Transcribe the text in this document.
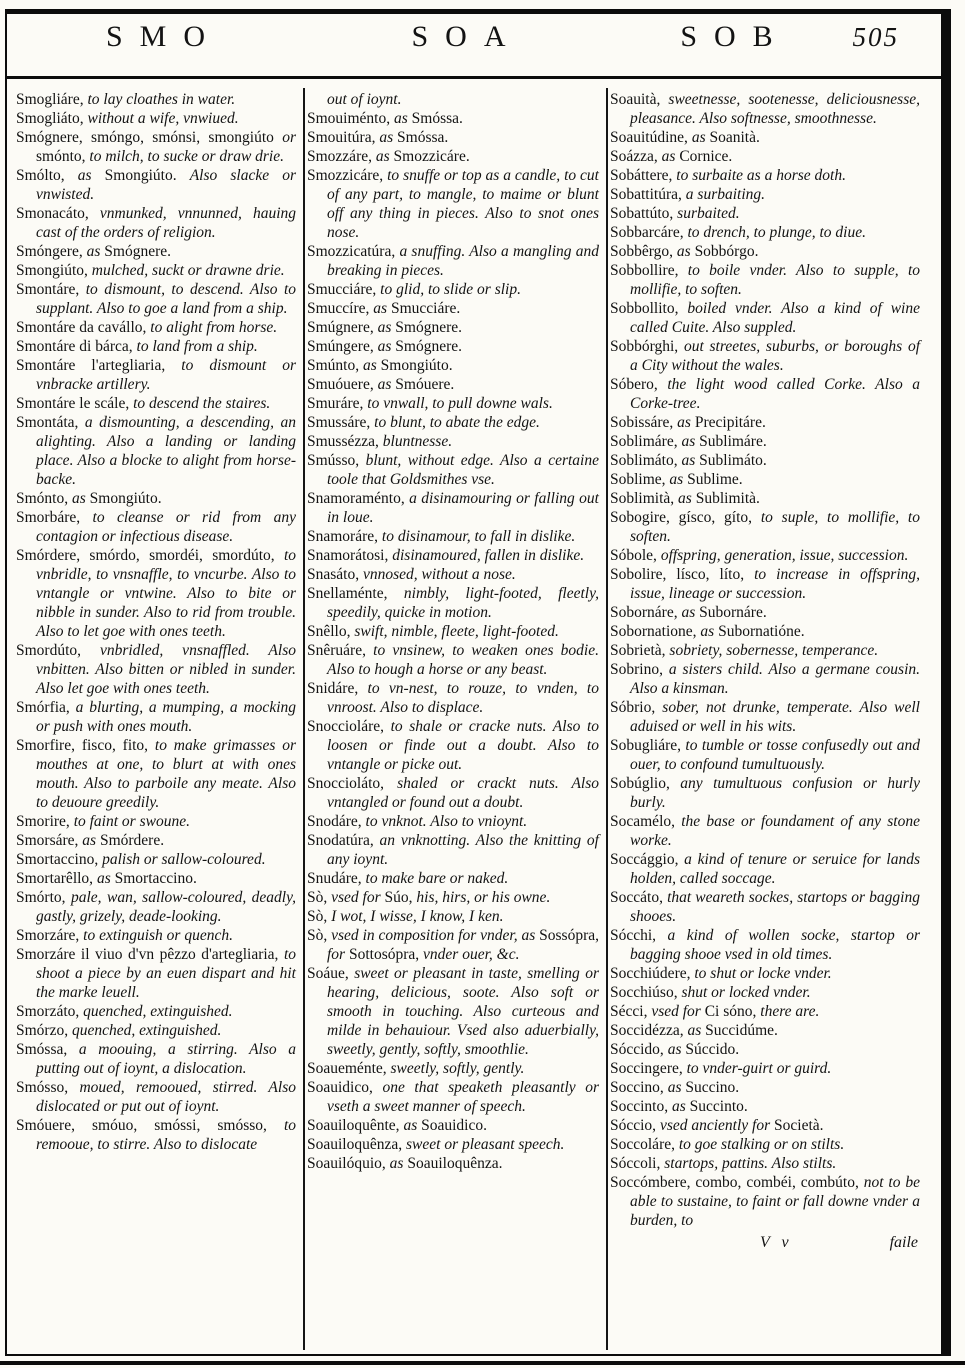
SMO	SOA	SOB	505

Smogliáre, to lay cloathes in water.

Smogliáto, without a wife, vnwiued.

Smógnere, smóngo, smónsi, smongiúto or smónto, to milch, to sucke or draw drie.

Smólto, as Smongiúto. Also slacke or vnwisted.

Smonacáto, vnmunked, vnnunned, hauing cast of the orders of religion.

Smóngere, as Smógnere.

Smongiúto, mulched, suckt or drawne drie.

Smontáre, to dismount, to descend. Also to supplant. Also to goe a land from a ship.

Smontáre da cavállo, to alight from horse.

Smontáre di bárca, to land from a ship.

Smontáre l'artegliaria, to dismount or vnbracke artillery.

Smontáre le scále, to descend the staires.

Smontáta, a dismounting, a descending, an alighting. Also a landing or landing place. Also a blocke to alight from horse-backe.

Smónto, as Smongiúto.

Smorbáre, to cleanse or rid from any contagion or infectious disease.

Smórdere, smórdo, smordéi, smordúto, to vnbridle, to vnsnaffle, to vncurbe. Also to vntangle or vntwine. Also to bite or nibble in sunder. Also to rid from trouble. Also to let goe with ones teeth.

Smordúto, vnbridled, vnsnaffled. Also vnbitten. Also bitten or nibled in sunder. Also let goe with ones teeth.

Smórfia, a blurting, a mumping, a mocking or push with ones mouth.

Smorfire, fisco, fito, to make grimasses or mouthes at one, to blurt at with ones mouth. Also to parboile any meate. Also to deuoure greedily.

Smorire, to faint or swoune.

Smorsáre, as Smórdere.

Smortaccino, palish or sallow-coloured.

Smortarêllo, as Smortaccino.

Smórto, pale, wan, sallow-coloured, deadly, gastly, grizely, deade-looking.

Smorzáre, to extinguish or quench.

Smorzáre il viuo d'vn pêzzo d'artegliaria, to shoot a piece by an euen dispart and hit the marke leuell.

Smorzáto, quenched, extinguished.

Smórzo, quenched, extinguished.

Smóssa, a moouing, a stirring. Also a putting out of ioynt, a dislocation.

Smósso, moued, remooued, stirred. Also dislocated or put out of ioynt.

Smóuere, smóuo, smóssi, smósso, to remooue, to stirre. Also to dislocate

out of ioynt.

Smouiménto, as Smóssa.

Smouitúra, as Smóssa.

Smozzáre, as Smozzicáre.

Smozzicáre, to snuffe or top as a candle, to cut of any part, to mangle, to maime or blunt off any thing in pieces. Also to snot ones nose.

Smozzicatúra, a snuffing. Also a mangling and breaking in pieces.

Smucciáre, to glid, to slide or slip.

Smuccíre, as Smucciáre.

Smúgnere, as Smógnere.

Smúngere, as Smógnere.

Smúnto, as Smongiúto.

Smuóuere, as Smóuere.

Smuráre, to vnwall, to pull downe wals.

Smussáre, to blunt, to abate the edge.

Smussézza, bluntnesse.

Smússo, blunt, without edge. Also a certaine toole that Goldsmithes vse.

Snamoraménto, a disinamouring or falling out in loue.

Snamoráre, to disinamour, to fall in dislike.

Snamorátosi, disinamoured, fallen in dislike.

Snasáto, vnnosed, without a nose.

Snellaménte, nimbly, light-footed, fleetly, speedily, quicke in motion.

Snêllo, swift, nimble, fleete, light-footed.

Snêruáre, to vnsinew, to weaken ones bodie. Also to hough a horse or any beast.

Snidáre, to vn-nest, to rouze, to vnden, to vnroost. Also to displace.

Snoccioláre, to shale or cracke nuts. Also to loosen or finde out a doubt. Also to vntangle or picke out.

Snoccioláto, shaled or crackt nuts. Also vntangled or found out a doubt.

Snodáre, to vnknot. Also to vnioynt.

Snodatúra, an vnknotting. Also the knitting of any ioynt.

Snudáre, to make bare or naked.

Sò, vsed for Súo, his, hirs, or his owne.

Sò, I wot, I wisse, I know, I ken.

Sò, vsed in composition for vnder, as Sossópra, for Sottosópra, vnder ouer, &c.

Soáue, sweet or pleasant in taste, smelling or hearing, delicious, soote. Also soft or smooth in touching. Also curteous and milde in behauiour. Vsed also aduerbially, sweetly, gently, softly, smoothlie.

Soaueménte, sweetly, softly, gently.

Soauidico, one that speaketh pleasantly or vseth a sweet manner of speech.

Soauiloquênte, as Soauidico.

Soauiloquênza, sweet or pleasant speech.

Soauilóquio, as Soauiloquênza.

Soauità, sweetnesse, sootenesse, deliciousnesse, pleasance. Also softnesse, smoothnesse.

Soauitúdine, as Soanità.

Soázza, as Cornice.

Sobáttere, to surbaite as a horse doth.

Sobattitúra, a surbaiting.

Sobattúto, surbaited.

Sobbarcáre, to drench, to plunge, to diue.

Sobbêrgo, as Sobbórgo.

Sobbollire, to boile vnder. Also to supple, to mollifie, to soften.

Sobbollito, boiled vnder. Also a kind of wine called Cuite. Also suppled.

Sobbórghi, out streetes, suburbs, or boroughs of a City without the wales.

Sóbero, the light wood called Corke. Also a Corke-tree.

Sobissáre, as Precipitáre.

Soblimáre, as Sublimáre.

Soblimáto, as Sublimáto.

Soblime, as Sublime.

Soblimità, as Sublimità.

Sobogire, gísco, gíto, to suple, to mollifie, to soften.

Sóbole, offspring, generation, issue, succession.

Sobolire, lísco, líto, to increase in offspring, issue, lineage or succession.

Sobornáre, as Subornáre.

Sobornatione, as Subornatióne.

Sobrietà, sobriety, sobernesse, temperance.

Sobrino, a sisters child. Also a germane cousin. Also a kinsman.

Sóbrio, sober, not drunke, temperate. Also well aduised or well in his wits.

Sobugliáre, to tumble or tosse confusedly out and ouer, to confound tumultuously.

Sobúglio, any tumultuous confusion or hurly burly.

Socamélo, the base or foundament of any stone worke.

Soccággio, a kind of tenure or seruice for lands holden, called soccage.

Soccáto, that weareth sockes, startops or bagging shooes.

Sócchi, a kind of wollen socke, startop or bagging shooe vsed in old times.

Socchiúdere, to shut or locke vnder.

Socchiúso, shut or locked vnder.

Sécci, vsed for Ci sóno, there are.

Soccidézza, as Succidúme.

Sóccido, as Súccido.

Soccingere, to vnder-guirt or guird.

Soccino, as Succino.

Soccinto, as Succinto.

Sóccio, vsed anciently for Società.

Soccoláre, to goe stalking or on stilts.

Sóccoli, startops, pattins. Also stilts.

Soccómbere, combo, combéi, combúto, not to be able to sustaine, to faint or fall downe vnder a burden, to

V v	faile
